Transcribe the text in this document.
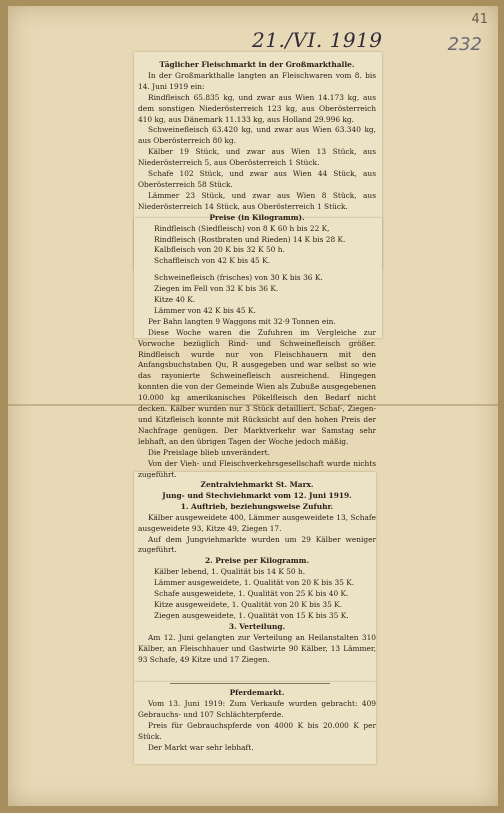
41
232
21./VI. 1919

Täglicher Fleischmarkt in der Großmarkthalle.

In der Großmarkthalle langten an Fleischwaren vom 8. bis 14. Juni 1919 ein:

Rindfleisch 65.835 kg, und zwar aus Wien 14.173 kg, aus dem sonstigen Niederösterreich 123 kg, aus Oberösterreich 410 kg, aus Dänemark 11.133 kg, aus Holland 29.996 kg.

Schweinefleisch 63.420 kg, und zwar aus Wien 63.340 kg, aus Oberösterreich 80 kg.

Kälber 19 Stück, und zwar aus Wien 13 Stück, aus Niederösterreich 5, aus Oberösterreich 1 Stück.

Schafe 102 Stück, und zwar aus Wien 44 Stück, aus Oberösterreich 58 Stück.

Lämmer 23 Stück, und zwar aus Wien 8 Stück, aus Niederösterreich 14 Stück, aus Oberösterreich 1 Stück.

Preise (in Kilogramm).

Rindfleisch (Siedfleisch) von 8 K 60 h bis 22 K,

Rindfleisch (Rostbraten und Rieden) 14 K bis 28 K.

Kalbfleisch von 20 K bis 32 K 50 h.

Schaffleisch von 42 K bis 45 K.

Schweinefleisch (frisches) von 30 K bis 36 K.

Ziegen im Fell von 32 K bis 36 K.

Kitze 40 K.

Lämmer von 42 K bis 45 K.

Per Bahn langten 9 Waggons mit 32·9 Tonnen ein.

Diese Woche waren die Zufuhren im Vergleiche zur Vorwoche bezüglich Rind- und Schweinefleisch größer. Rindfleisch wurde nur von Fleischhauern mit den Anfangsbuchstaben Qu, R ausgegeben und war selbst so wie das rayonierte Schweinefleisch ausreichend. Hingegen konnten die von der Gemeinde Wien als Zubuße ausgegebenen 10.000 kg amerikanisches Pökelfleisch den Bedarf nicht decken. Kälber wurden nur 3 Stück detailliert. Schaf-, Ziegen- und Kitzfleisch konnte mit Rücksicht auf den hohen Preis der Nachfrage genügen. Der Marktverkehr war Samstag sehr lebhaft, an den übrigen Tagen der Woche jedoch mäßig.

Die Preislage blieb unverändert.

Von der Vieh- und Fleischverkehrsgesellschaft wurde nichts zugeführt.

Zentralviehmarkt St. Marx.

Jung- und Stechviehmarkt vom 12. Juni 1919.

1. Auftrieb, beziehungsweise Zufuhr.

Kälber ausgeweidete 400, Lämmer ausgeweidete 13, Schafe ausgeweidete 93, Kitze 49, Ziegen 17.

Auf dem Jungviehmarkte wurden um 29 Kälber weniger zugeführt.

2. Preise per Kilogramm.

Kälber lebend, 1. Qualität bis 14 K 50 h.

Lämmer ausgeweidete, 1. Qualität von 20 K bis 35 K.

Schafe ausgeweidete, 1. Qualität von 25 K bis 40 K.

Kitze ausgeweidete, 1. Qualität von 20 K bis 35 K.

Ziegen ausgeweidete, 1. Qualität von 15 K bis 35 K.

3. Verteilung.

Am 12. Juni gelangten zur Verteilung an Heilanstalten 310 Kälber, an Fleischhauer und Gastwirte 90 Kälber, 13 Lämmer, 93 Schafe, 49 Kitze und 17 Ziegen.

Pferdemarkt.

Vom 13. Juni 1919: Zum Verkaufe wurden gebracht: 409 Gebrauchs- und 107 Schlächterpferde.

Preis für Gebrauchspferde von 4000 K bis 20.000 K per Stück.

Der Markt war sehr lebhaft.
